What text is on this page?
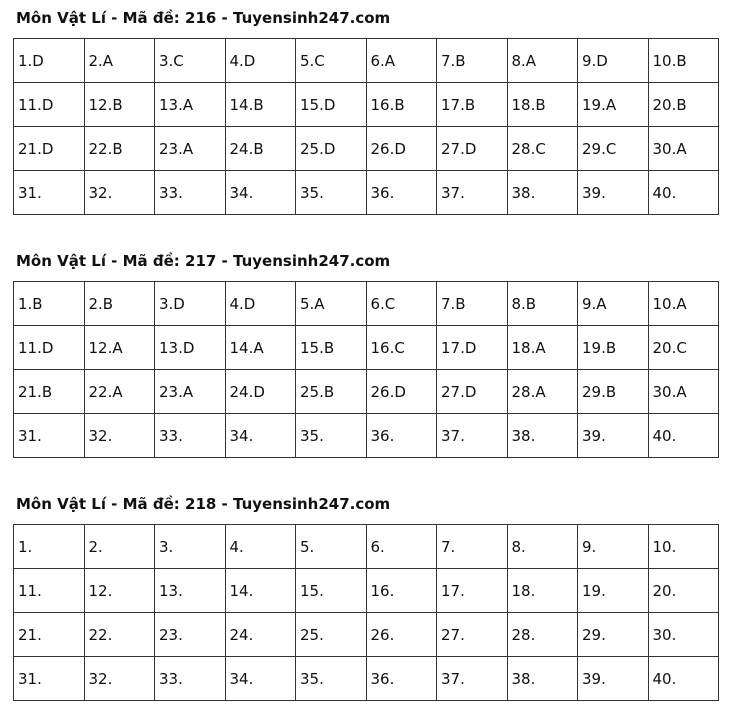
Môn Vật Lí - Mã đề: 216 - Tuyensinh247.com
1.D	2.A	3.C	4.D	5.C	6.A	7.B	8.A	9.D	10.B
11.D	12.B	13.A	14.B	15.D	16.B	17.B	18.B	19.A	20.B
21.D	22.B	23.A	24.B	25.D	26.D	27.D	28.C	29.C	30.A
31.	32.	33.	34.	35.	36.	37.	38.	39.	40.
Môn Vật Lí - Mã đề: 217 - Tuyensinh247.com
1.B	2.B	3.D	4.D	5.A	6.C	7.B	8.B	9.A	10.A
11.D	12.A	13.D	14.A	15.B	16.C	17.D	18.A	19.B	20.C
21.B	22.A	23.A	24.D	25.B	26.D	27.D	28.A	29.B	30.A
31.	32.	33.	34.	35.	36.	37.	38.	39.	40.
Môn Vật Lí - Mã đề: 218 - Tuyensinh247.com
1.	2.	3.	4.	5.	6.	7.	8.	9.	10.
11.	12.	13.	14.	15.	16.	17.	18.	19.	20.
21.	22.	23.	24.	25.	26.	27.	28.	29.	30.
31.	32.	33.	34.	35.	36.	37.	38.	39.	40.
